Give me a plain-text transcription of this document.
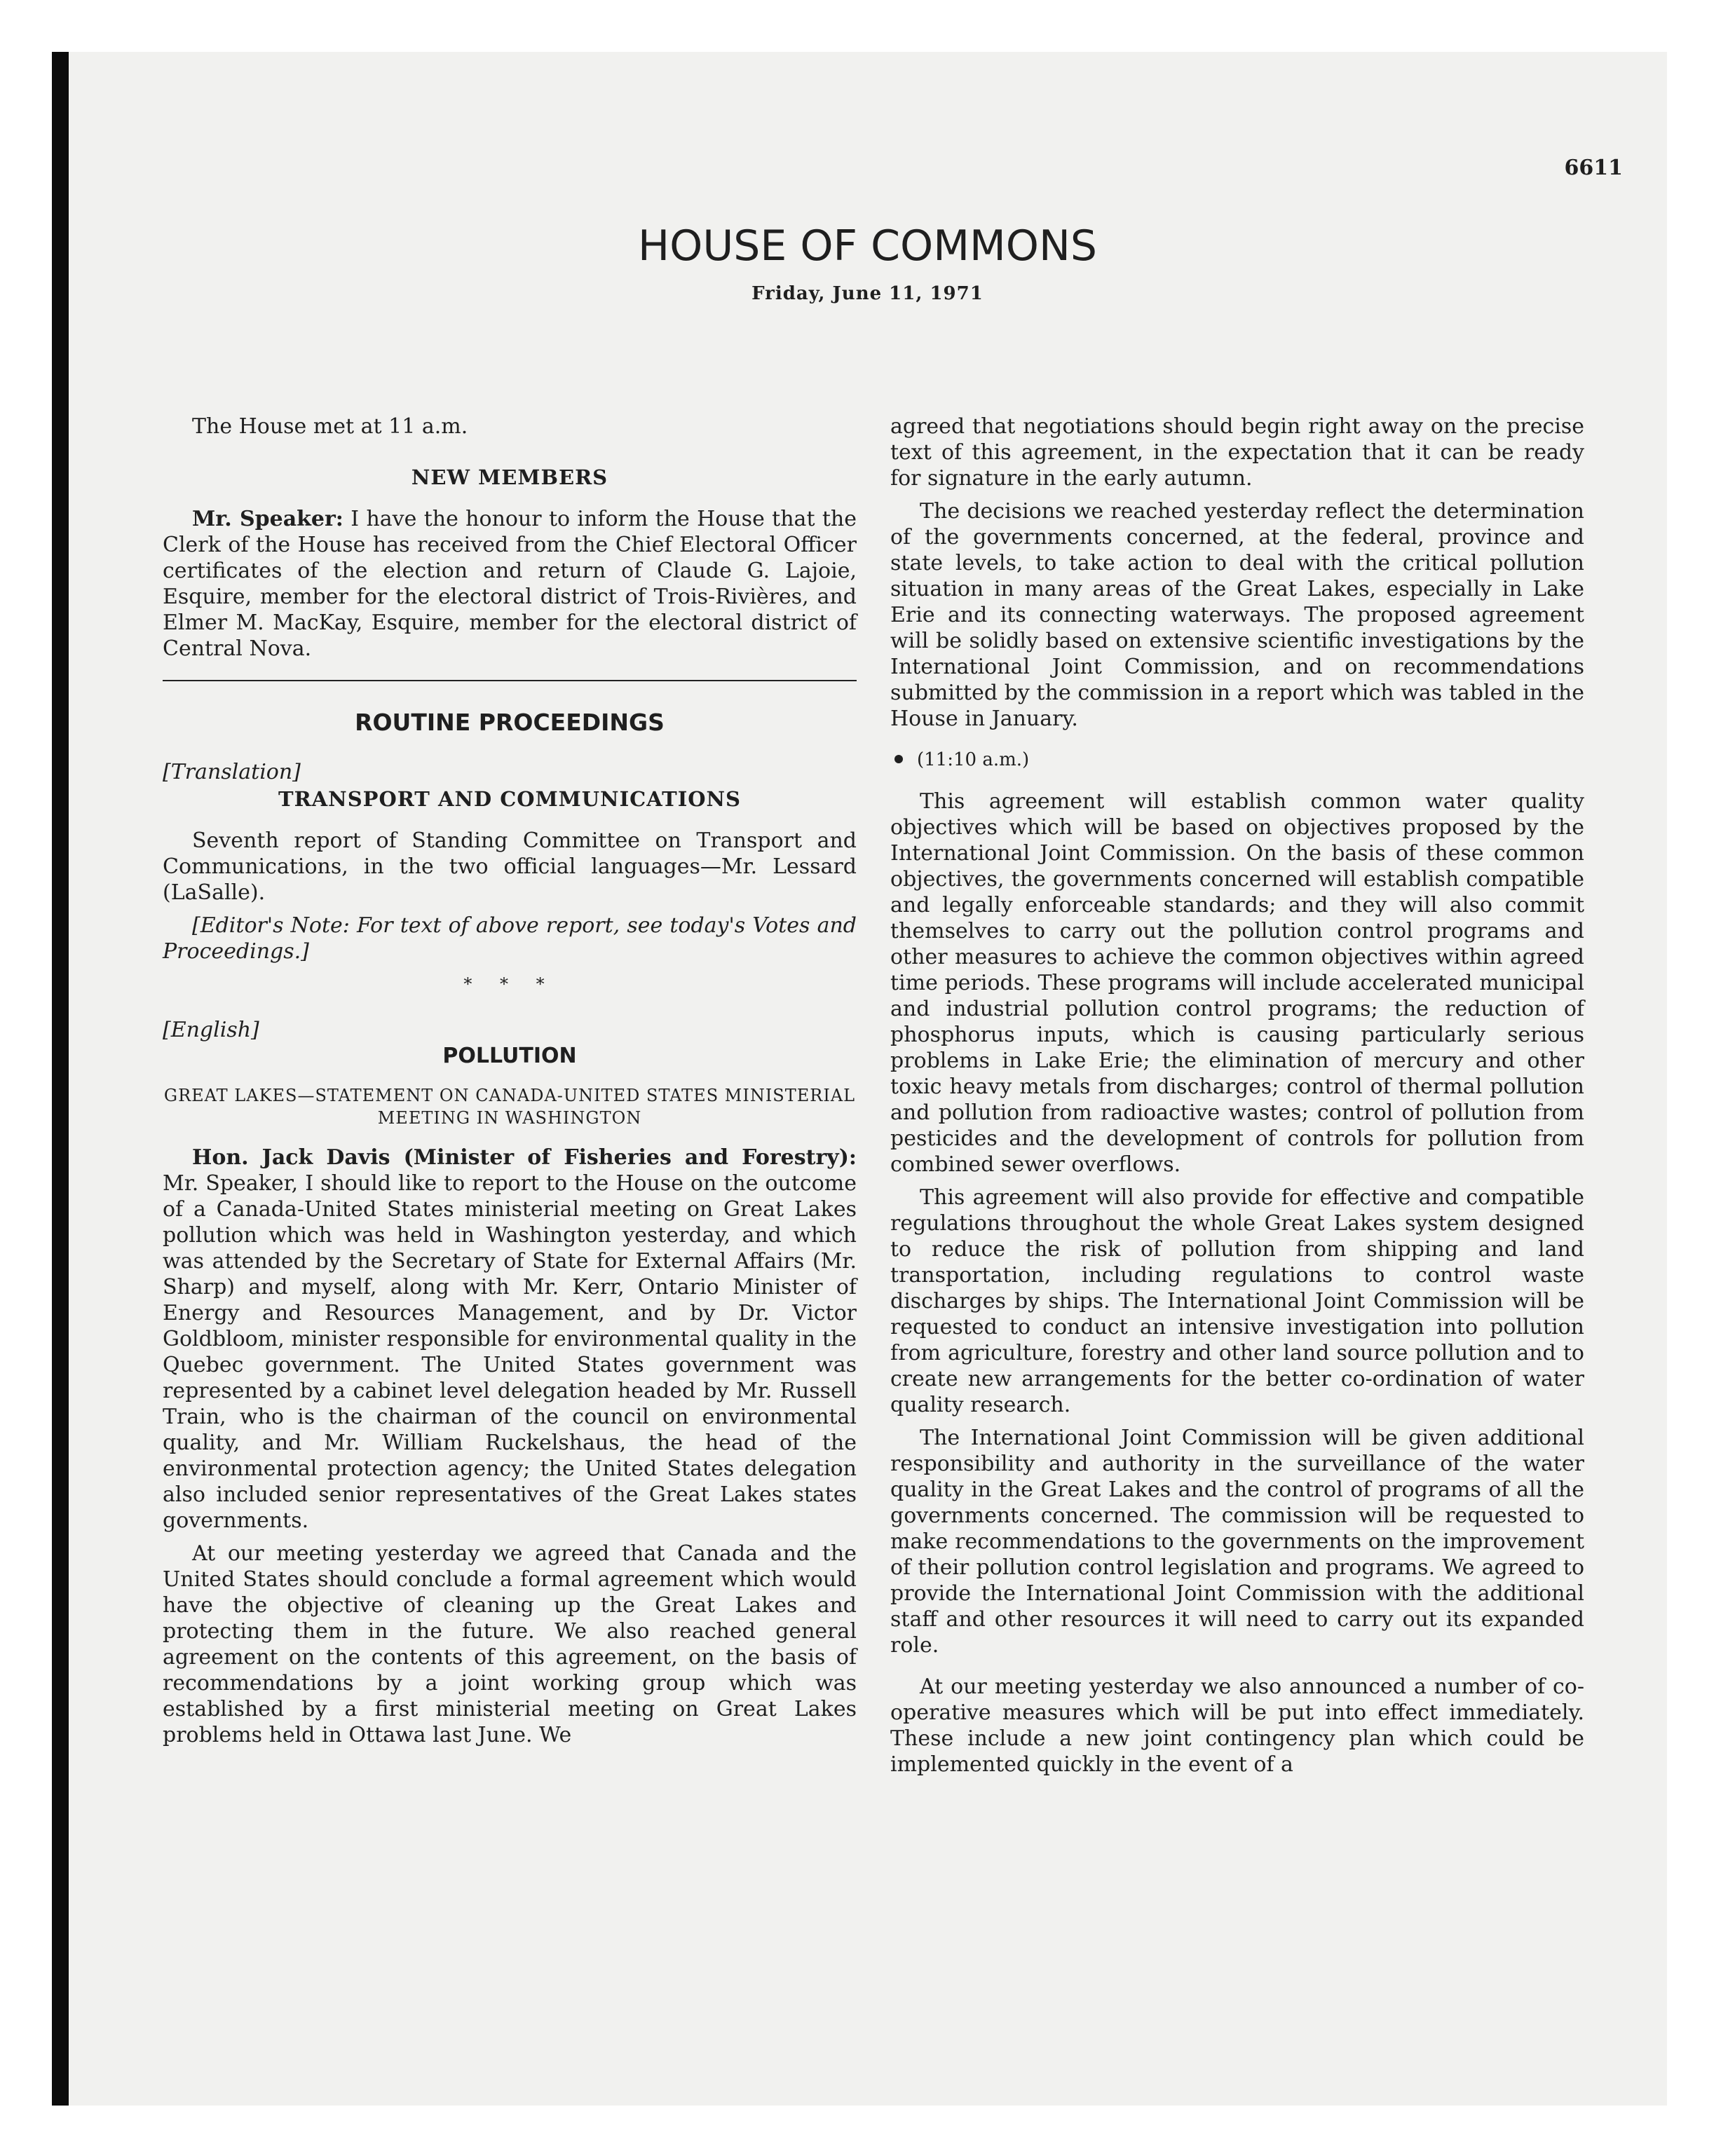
6611
HOUSE OF COMMONS
Friday, June 11, 1971

The House met at 11 a.m.

NEW MEMBERS

Mr. Speaker: I have the honour to inform the House that the Clerk of the House has received from the Chief Electoral Officer certificates of the election and return of Claude G. Lajoie, Esquire, member for the electoral district of Trois-Rivières, and Elmer M. MacKay, Esquire, member for the electoral district of Central Nova.

ROUTINE PROCEEDINGS

[Translation]

TRANSPORT AND COMMUNICATIONS

Seventh report of Standing Committee on Transport and Communications, in the two official languages—Mr. Lessard (LaSalle).

[Editor's Note: For text of above report, see today's Votes and Proceedings.]

* * *

[English]

POLLUTION
GREAT LAKES—STATEMENT ON CANADA-UNITED STATES MINISTERIAL MEETING IN WASHINGTON

Hon. Jack Davis (Minister of Fisheries and Forestry): Mr. Speaker, I should like to report to the House on the outcome of a Canada-United States ministerial meeting on Great Lakes pollution which was held in Washington yesterday, and which was attended by the Secretary of State for External Affairs (Mr. Sharp) and myself, along with Mr. Kerr, Ontario Minister of Energy and Resources Management, and by Dr. Victor Goldbloom, minister responsible for environmental quality in the Quebec government. The United States government was represented by a cabinet level delegation headed by Mr. Russell Train, who is the chairman of the council on environmental quality, and Mr. William Ruckelshaus, the head of the environmental protection agency; the United States delegation also included senior representatives of the Great Lakes states governments.

At our meeting yesterday we agreed that Canada and the United States should conclude a formal agreement which would have the objective of cleaning up the Great Lakes and protecting them in the future. We also reached general agreement on the contents of this agreement, on the basis of recommendations by a joint working group which was established by a first ministerial meeting on Great Lakes problems held in Ottawa last June. We

agreed that negotiations should begin right away on the precise text of this agreement, in the expectation that it can be ready for signature in the early autumn.

The decisions we reached yesterday reflect the determination of the governments concerned, at the federal, province and state levels, to take action to deal with the critical pollution situation in many areas of the Great Lakes, especially in Lake Erie and its connecting waterways. The proposed agreement will be solidly based on extensive scientific investigations by the International Joint Commission, and on recommendations submitted by the commission in a report which was tabled in the House in January.

(11:10 a.m.)

This agreement will establish common water quality objectives which will be based on objectives proposed by the International Joint Commission. On the basis of these common objectives, the governments concerned will establish compatible and legally enforceable standards; and they will also commit themselves to carry out the pollution control programs and other measures to achieve the common objectives within agreed time periods. These programs will include accelerated municipal and industrial pollution control programs; the reduction of phosphorus inputs, which is causing particularly serious problems in Lake Erie; the elimination of mercury and other toxic heavy metals from discharges; control of thermal pollution and pollution from radioactive wastes; control of pollution from pesticides and the development of controls for pollution from combined sewer overflows.

This agreement will also provide for effective and compatible regulations throughout the whole Great Lakes system designed to reduce the risk of pollution from shipping and land transportation, including regulations to control waste discharges by ships. The International Joint Commission will be requested to conduct an intensive investigation into pollution from agriculture, forestry and other land source pollution and to create new arrangements for the better co-ordination of water quality research.

The International Joint Commission will be given additional responsibility and authority in the surveillance of the water quality in the Great Lakes and the control of programs of all the governments concerned. The commission will be requested to make recommendations to the governments on the improvement of their pollution control legislation and programs. We agreed to provide the International Joint Commission with the additional staff and other resources it will need to carry out its expanded role.

At our meeting yesterday we also announced a number of co-operative measures which will be put into effect immediately. These include a new joint contingency plan which could be implemented quickly in the event of a
